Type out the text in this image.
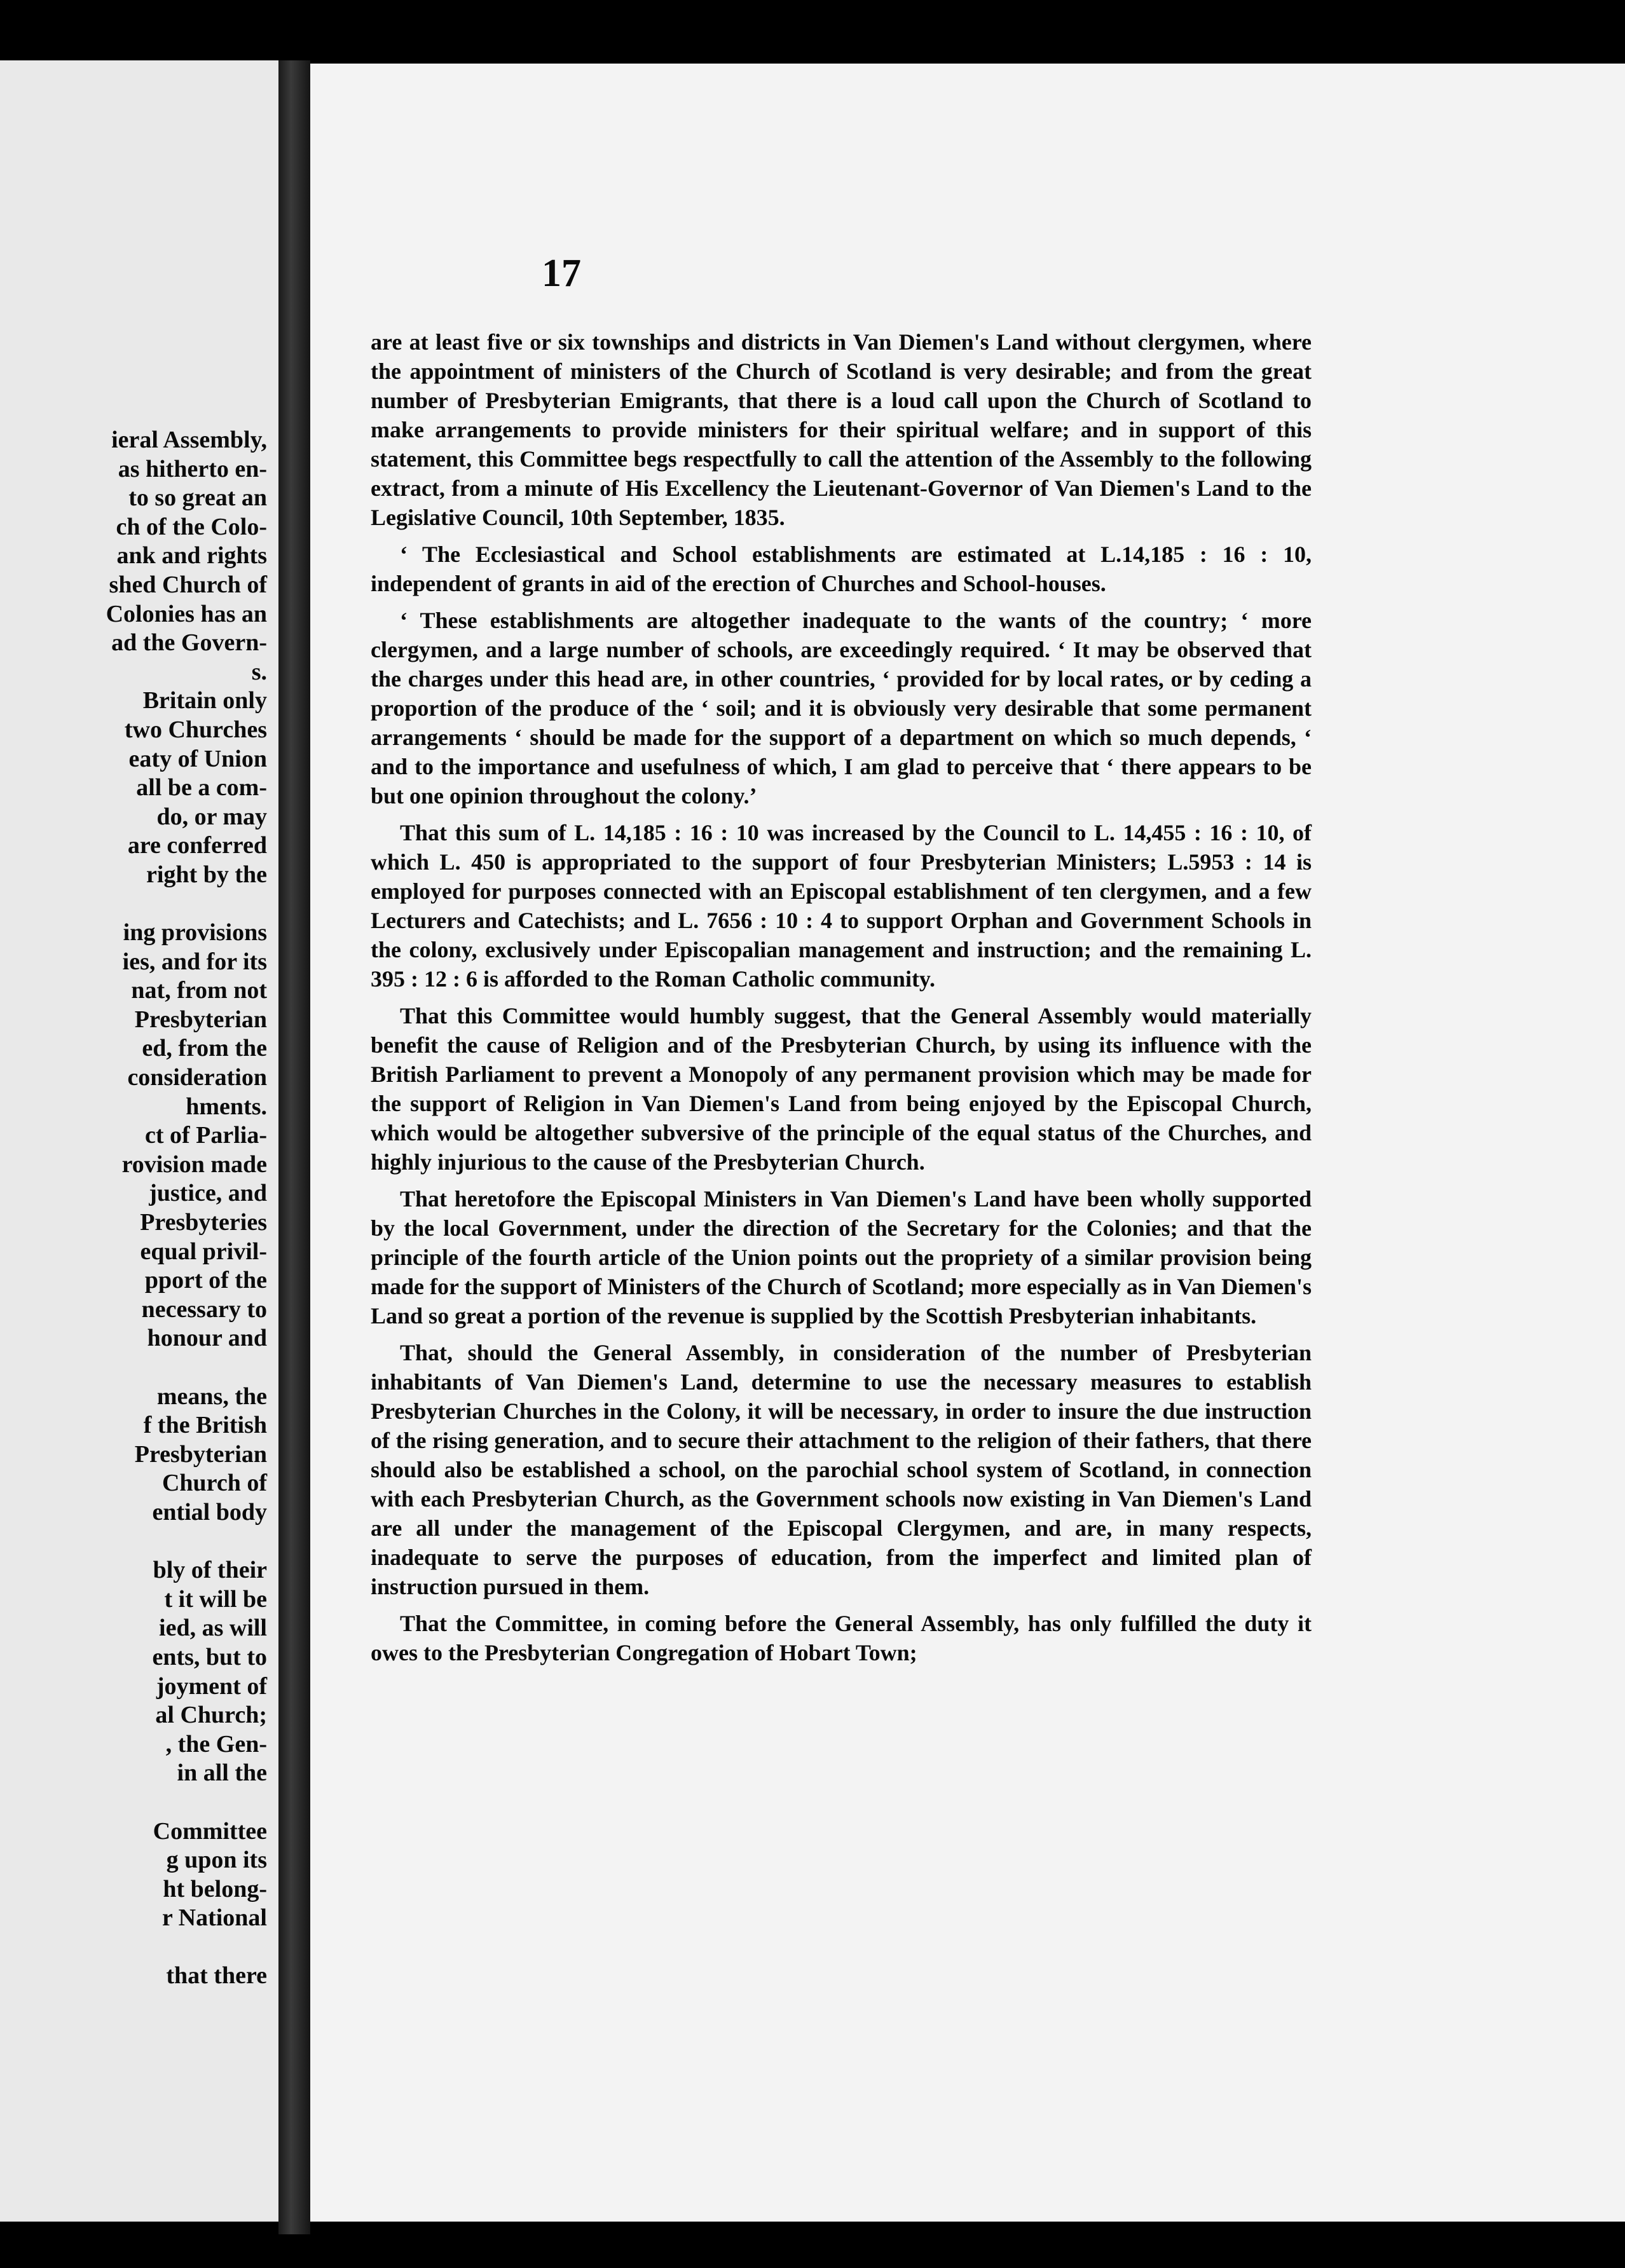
ieral Assembly,
as hitherto en-
to so great an
ch of the Colo-
ank and rights
shed Church of
Colonies has an
ad the Govern-
s.
Britain only
two Churches
eaty of Union
all be a com-
do, or may
are conferred
right by the
ing provisions
ies, and for its
nat, from not
Presbyterian
ed, from the
consideration
hments.
ct of Parlia-
rovision made
justice, and
Presbyteries
equal privil-
pport of the
necessary to
honour and
means, the
f the British
Presbyterian
Church of
ential body
bly of their
t it will be
ied, as will
ents, but to
joyment of
al Church;
, the Gen-
in all the
Committee
g upon its
ht belong-
r National
that there
17

are at least five or six townships and districts in Van Diemen's Land without clergymen, where the appointment of ministers of the Church of Scotland is very desirable; and from the great number of Presbyterian Emigrants, that there is a loud call upon the Church of Scotland to make arrangements to provide ministers for their spiritual welfare; and in support of this statement, this Committee begs respectfully to call the attention of the Assembly to the following extract, from a minute of His Excellency the Lieutenant-Governor of Van Diemen's Land to the Legislative Council, 10th September, 1835.

‘ The Ecclesiastical and School establishments are estimated at L.14,185 : 16 : 10, independent of grants in aid of the erection of Churches and School-houses.

‘ These establishments are altogether inadequate to the wants of the country; ‘ more clergymen, and a large number of schools, are exceedingly required. ‘ It may be observed that the charges under this head are, in other countries, ‘ provided for by local rates, or by ceding a proportion of the produce of the ‘ soil; and it is obviously very desirable that some permanent arrangements ‘ should be made for the support of a department on which so much depends, ‘ and to the importance and usefulness of which, I am glad to perceive that ‘ there appears to be but one opinion throughout the colony.’

That this sum of L. 14,185 : 16 : 10 was increased by the Council to L. 14,455 : 16 : 10, of which L. 450 is appropriated to the support of four Presbyterian Ministers; L.5953 : 14 is employed for purposes connected with an Episcopal establishment of ten clergymen, and a few Lecturers and Catechists; and L. 7656 : 10 : 4 to support Orphan and Government Schools in the colony, exclusively under Episcopalian management and instruction; and the remaining L. 395 : 12 : 6 is afforded to the Roman Catholic community.

That this Committee would humbly suggest, that the General Assembly would materially benefit the cause of Religion and of the Presbyterian Church, by using its influence with the British Parliament to prevent a Monopoly of any permanent provision which may be made for the support of Religion in Van Diemen's Land from being enjoyed by the Episcopal Church, which would be altogether subversive of the principle of the equal status of the Churches, and highly injurious to the cause of the Presbyterian Church.

That heretofore the Episcopal Ministers in Van Diemen's Land have been wholly supported by the local Government, under the direction of the Secretary for the Colonies; and that the principle of the fourth article of the Union points out the propriety of a similar provision being made for the support of Ministers of the Church of Scotland; more especially as in Van Diemen's Land so great a portion of the revenue is supplied by the Scottish Presbyterian inhabitants.

That, should the General Assembly, in consideration of the number of Presbyterian inhabitants of Van Diemen's Land, determine to use the necessary measures to establish Presbyterian Churches in the Colony, it will be necessary, in order to insure the due instruction of the rising generation, and to secure their attachment to the religion of their fathers, that there should also be established a school, on the parochial school system of Scotland, in connection with each Presbyterian Church, as the Government schools now existing in Van Diemen's Land are all under the management of the Episcopal Clergymen, and are, in many respects, inadequate to serve the purposes of education, from the imperfect and limited plan of instruction pursued in them.

That the Committee, in coming before the General Assembly, has only fulfilled the duty it owes to the Presbyterian Congregation of Hobart Town;
